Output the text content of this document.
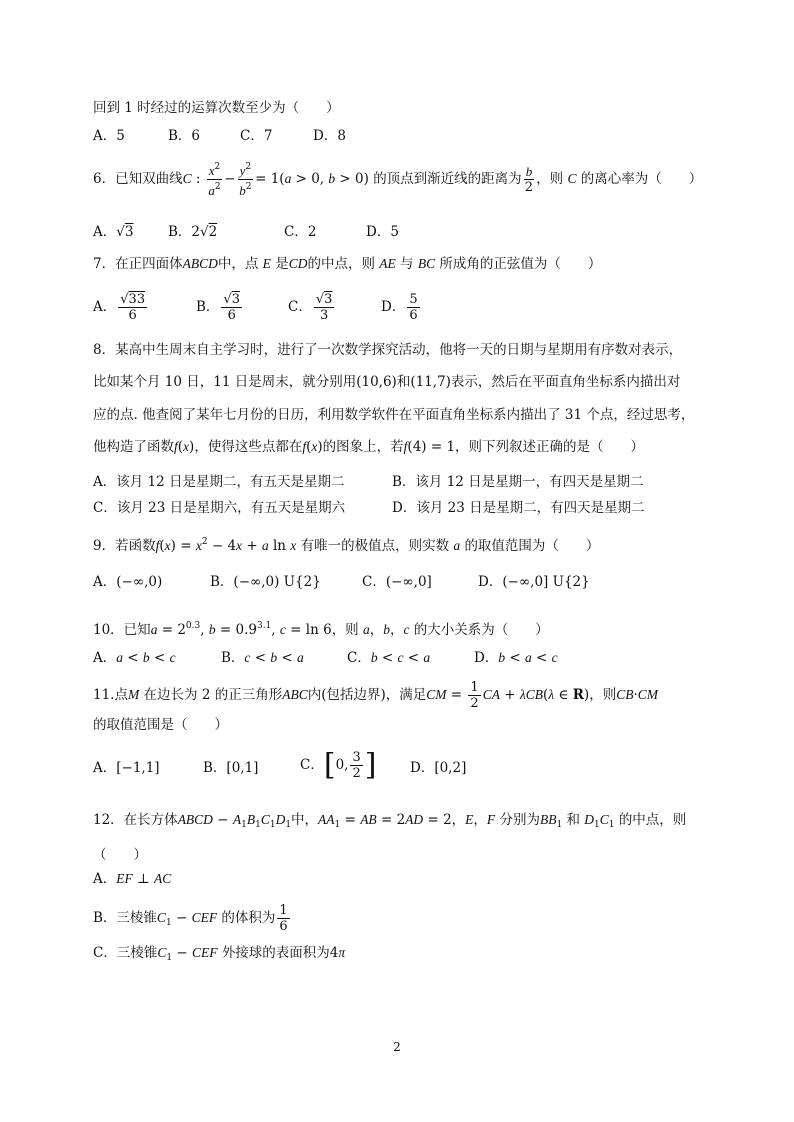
回到 1 时经过的运算次数至少为（　　）
A．5	B．6	C．7	D．8
6．已知双曲线C : $\frac{x^2}{a^2} - \frac{y^2}{b^2} = 1(a > 0$, b > 0) 的顶点到渐近线的距离为 $\frac{b}{2}$ ，则 C 的离心率为（　　）
A．√3	B．2√2	C．2	D．5
7．在正四面体ABCD中，点 E 是CD的中点，则 AE 与 BC 所成角的正弦值为（　　）
A． $\frac{√33}{6}$	B． $\frac{√3}{6}$	C． $\frac{√3}{3}$	D． $\frac{5}{6}$
8．某高中生周末自主学习时，进行了一次数学探究活动，他将一天的日期与星期用有序数对表示，
比如某个月 10 日，11 日是周末，就分别用(10,6)和(11,7)表示，然后在平面直角坐标系内描出对
应的点. 他查阅了某年七月份的日历，利用数学软件在平面直角坐标系内描出了 31 个点，经过思考，
他构造了函数f(x)，使得这些点都在f(x)的图象上，若f(4) = 1，则下列叙述正确的是（　　）
A．该月 12 日是星期二，有五天是星期二	B．该月 12 日是星期一，有四天是星期二
C．该月 23 日是星期六，有五天是星期六	D．该月 23 日是星期二，有四天是星期二
9．若函数$f(x) = x^2 - 4x + a$ ln x 有唯一的极值点，则实数 a 的取值范围为（　　）
A．(−∞,0)	B．(−∞,0) U{2}	C．(−∞,0]	D．(−∞,0] U{2}
10．已知$a = 2^{0.3}$, $b = 0.9^{3.1}$, c = ln 6，则 a，b，c 的大小关系为（　　）
A．a < b < c	B．c < b < a	C．b < c < a	D．b < a < c
11.点M 在边长为 2 的正三角形ABC内(包括边界)，满足CM = $\frac{1}{2}$ CA + λCB(λ ∈ R)，则CB·CM
的取值范围是（　　）
A．[−1,1]	B．[0,1]	C．[0, $\frac{3}{2}$ ] D．[0,2]
12．在长方体ABCD − $A_1B_1C_1D_1$中，$AA_1$ = AB = 2AD = 2，E，F 分别为$BB_1$ 和 $D_1C_1$ 的中点，则
（　　）
A．EF ⊥ AC
B．三棱锥$C_1$ − CEF 的体积为 $\frac{1}{6}$
C．三棱锥$C_1$ − CEF 外接球的表面积为4π
2
